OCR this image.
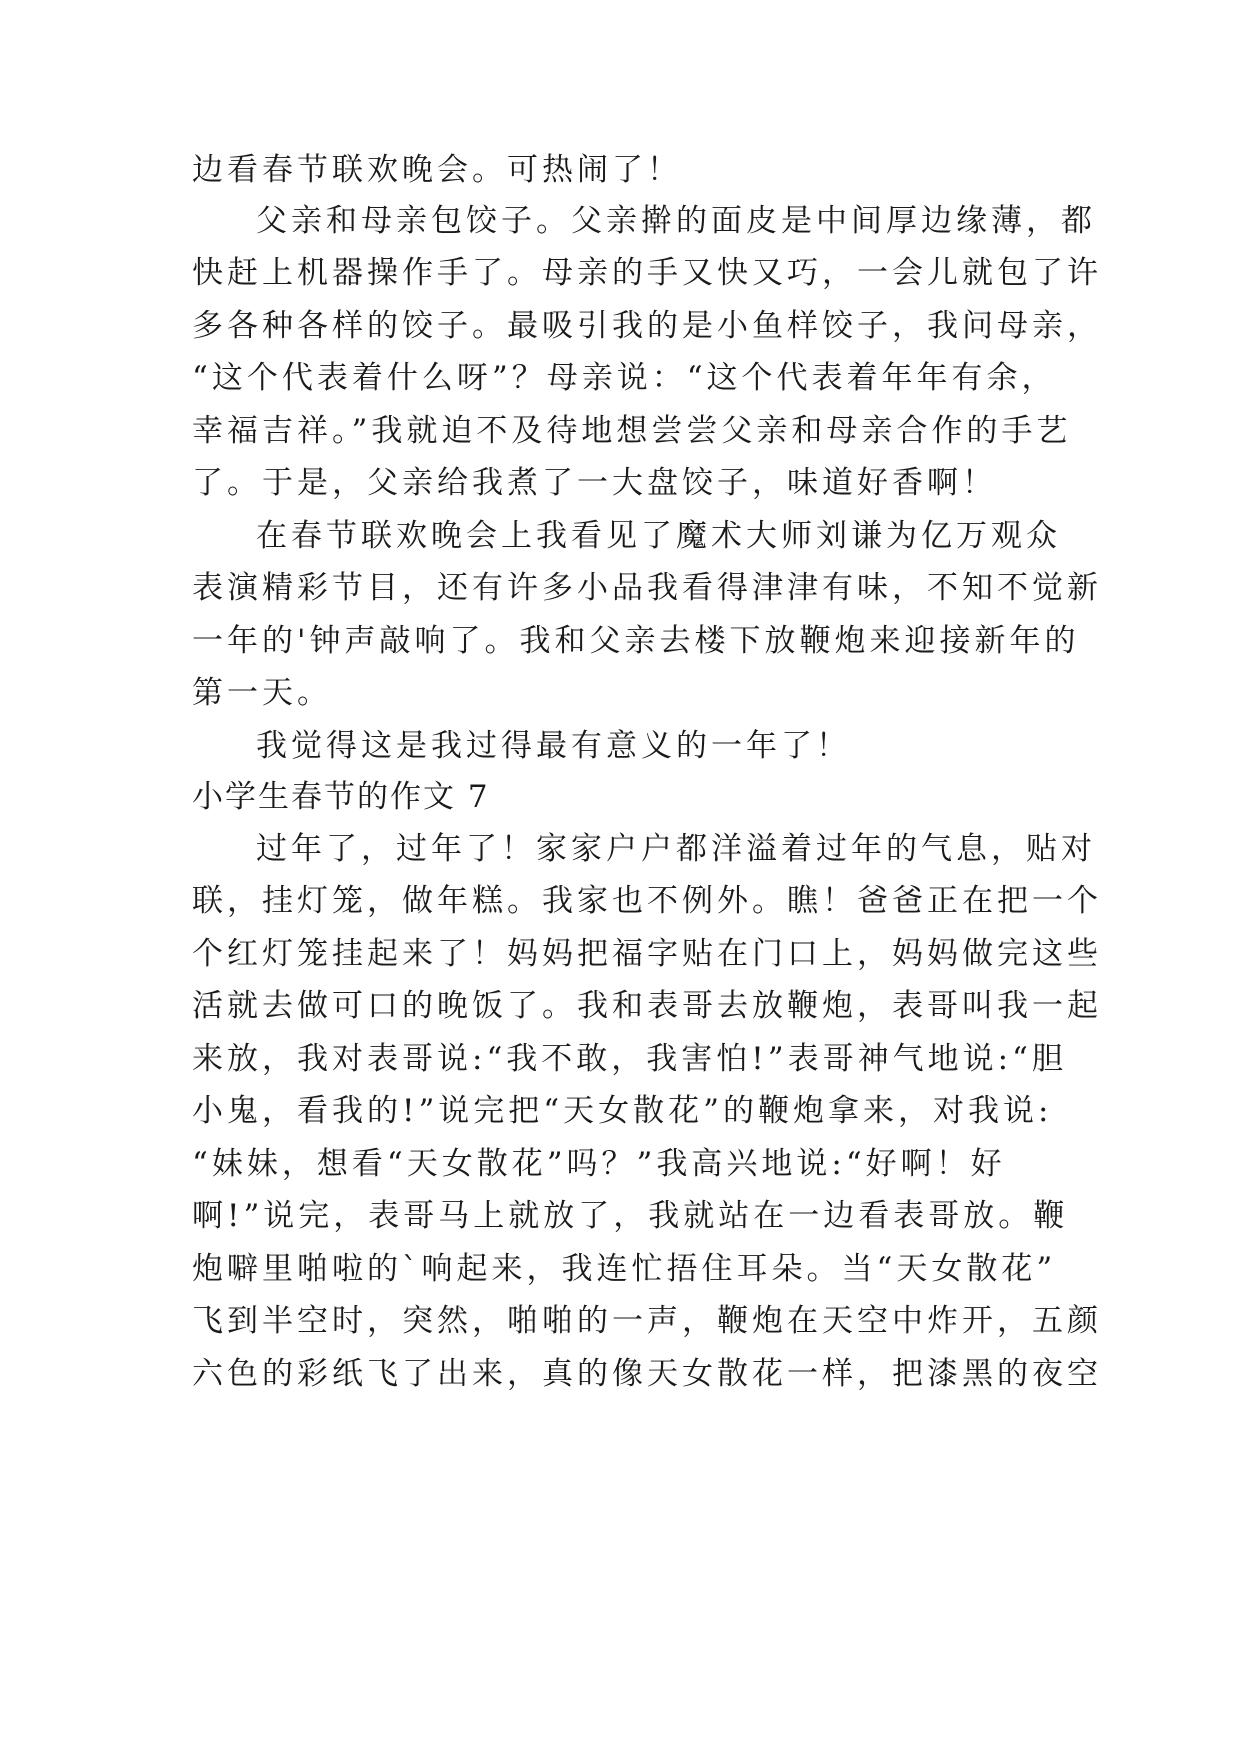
边看春节联欢晚会。可热闹了！
父亲和母亲包饺子。父亲擀的面皮是中间厚边缘薄，都
快赶上机器操作手了。母亲的手又快又巧，一会儿就包了许
多各种各样的饺子。最吸引我的是小鱼样饺子，我问母亲，
“这个代表着什么呀”？母亲说：“这个代表着年年有余，
幸福吉祥。”我就迫不及待地想尝尝父亲和母亲合作的手艺
了。于是，父亲给我煮了一大盘饺子，味道好香啊！
在春节联欢晚会上我看见了魔术大师刘谦为亿万观众
表演精彩节目，还有许多小品我看得津津有味，不知不觉新
一年的'钟声敲响了。我和父亲去楼下放鞭炮来迎接新年的
第一天。
我觉得这是我过得最有意义的一年了！
小学生春节的作文 7
过年了，过年了！家家户户都洋溢着过年的气息，贴对
联，挂灯笼，做年糕。我家也不例外。瞧！爸爸正在把一个
个红灯笼挂起来了！妈妈把福字贴在门口上，妈妈做完这些
活就去做可口的晚饭了。我和表哥去放鞭炮，表哥叫我一起
来放，我对表哥说:“我不敢，我害怕!”表哥神气地说:“胆
小鬼，看我的!”说完把“天女散花”的鞭炮拿来，对我说:
“妹妹，想看“天女散花”吗？”我高兴地说:“好啊！好
啊!”说完，表哥马上就放了，我就站在一边看表哥放。鞭
炮噼里啪啦的`响起来，我连忙捂住耳朵。当“天女散花”
飞到半空时，突然，啪啪的一声，鞭炮在天空中炸开，五颜
六色的彩纸飞了出来，真的像天女散花一样，把漆黑的夜空
